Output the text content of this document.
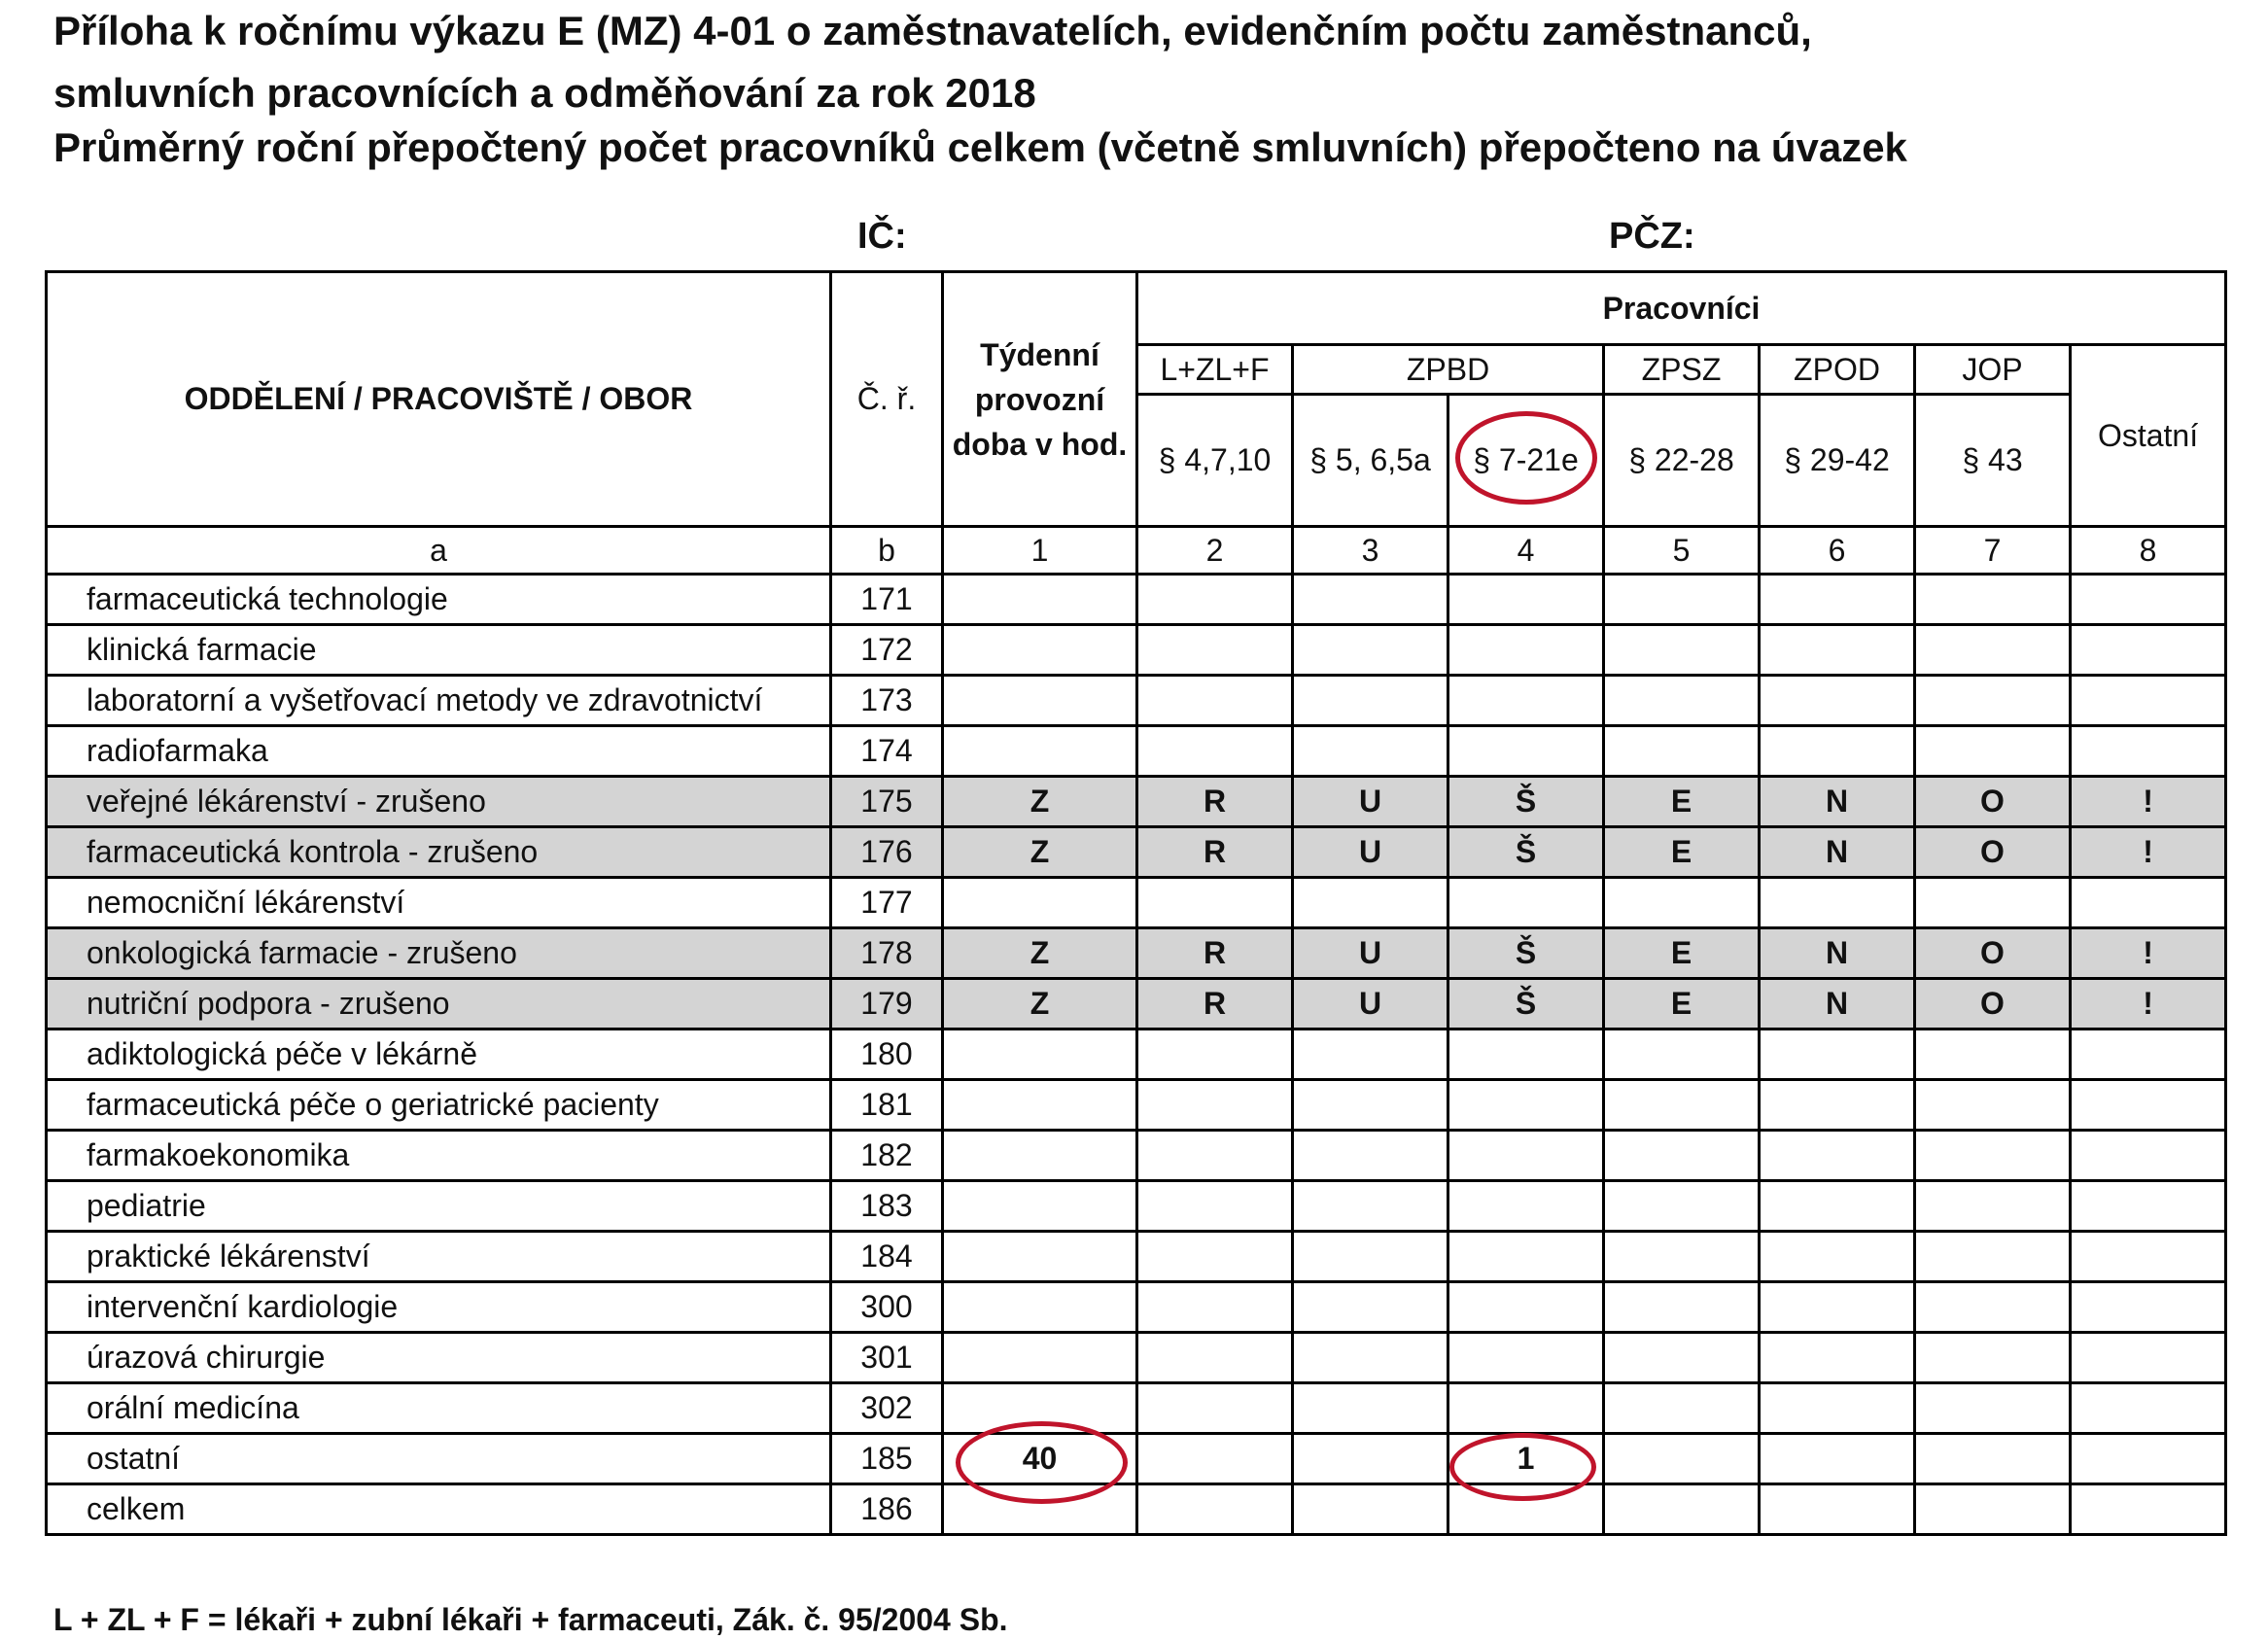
Příloha k ročnímu výkazu E (MZ) 4-01 o zaměstnavatelích, evidenčním počtu zaměstnanců,
smluvních pracovnících a odměňování za rok 2018
Průměrný roční přepočtený počet pracovníků celkem (včetně smluvních) přepočteno na úvazek
IČ:	PČZ:
ODDĚLENÍ / PRACOVIŠTĚ / OBOR	Č. ř.	Týdenní provozní doba v hod.	Pracovníci						
			L+ZL+F	ZPBD		ZPSZ	ZPOD	JOP	Ostatní
			§ 4,7,10	§ 5, 6,5a	§ 7-21e	§ 22-28	§ 29-42	§ 43	
a	b	1	2	3	4	5	6	7	8
farmaceutická technologie	171								
klinická farmacie	172								
laboratorní a vyšetřovací metody ve zdravotnictví	173								
radiofarmaka	174								
veřejné lékárenství - zrušeno	175	Z	R	U	Š	E	N	O	!
farmaceutická kontrola - zrušeno	176	Z	R	U	Š	E	N	O	!
nemocniční lékárenství	177								
onkologická farmacie - zrušeno	178	Z	R	U	Š	E	N	O	!
nutriční podpora - zrušeno	179	Z	R	U	Š	E	N	O	!
adiktologická péče v lékárně	180								
farmaceutická péče o geriatrické pacienty	181								
farmakoekonomika	182								
pediatrie	183								
praktické lékárenství	184								
intervenční kardiologie	300								
úrazová chirurgie	301								
orální medicína	302								
ostatní	185	40			1				
celkem	186								
L + ZL + F = lékaři + zubní lékaři + farmaceuti, Zák. č. 95/2004 Sb.
